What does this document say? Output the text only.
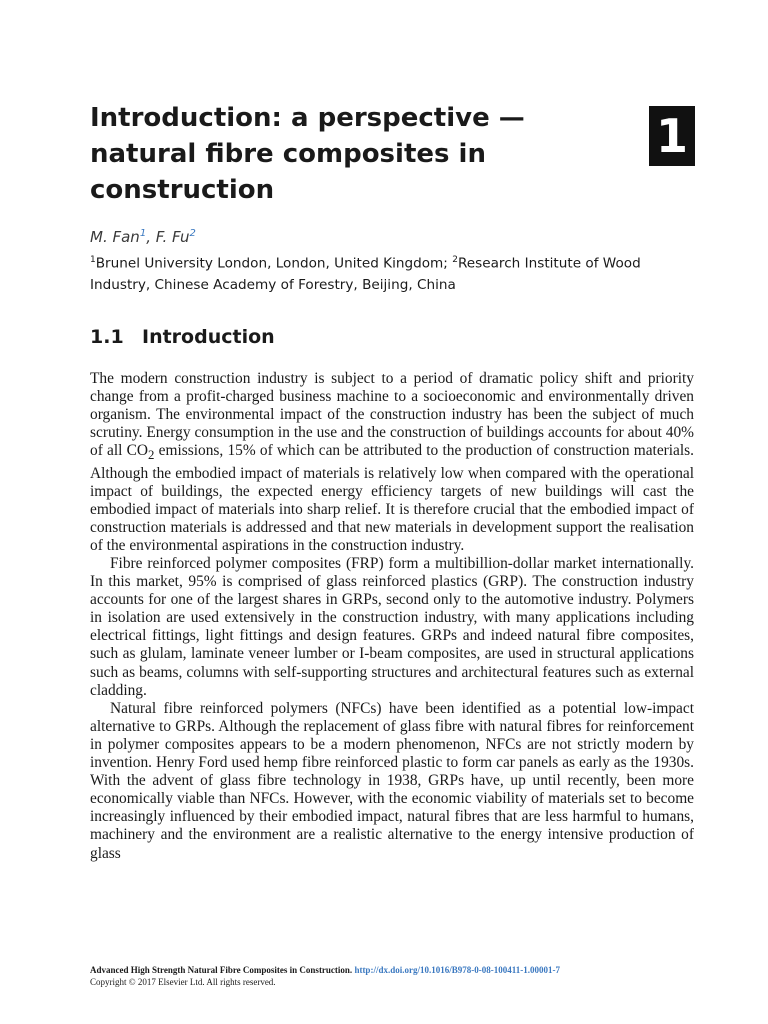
Introduction: a perspective — natural fibre composites in construction
1
M. Fan$^1$, F. Fu$^2$
$^1$Brunel University London, London, United Kingdom; $^2$Research Institute of Wood Industry, Chinese Academy of Forestry, Beijing, China
1.1 Introduction

The modern construction industry is subject to a period of dramatic policy shift and priority change from a profit-charged business machine to a socioeconomic and environmentally driven organism. The environmental impact of the construction industry has been the subject of much scrutiny. Energy consumption in the use and the construction of buildings accounts for about 40% of all $CO_2$ emissions, 15% of which can be attributed to the production of construction materials. Although the embodied impact of materials is relatively low when compared with the operational impact of buildings, the expected energy efficiency targets of new buildings will cast the embodied impact of materials into sharp relief. It is therefore crucial that the embodied impact of construction materials is addressed and that new materials in development support the realisation of the environmental aspirations in the construction industry.

Fibre reinforced polymer composites (FRP) form a multibillion-dollar market internationally. In this market, 95% is comprised of glass reinforced plastics (GRP). The construction industry accounts for one of the largest shares in GRPs, second only to the automotive industry. Polymers in isolation are used extensively in the construction industry, with many applications including electrical fittings, light fittings and design features. GRPs and indeed natural fibre composites, such as glulam, laminate veneer lumber or I-beam composites, are used in structural applications such as beams, columns with self-supporting structures and architectural features such as external cladding.

Natural fibre reinforced polymers (NFCs) have been identified as a potential low-impact alternative to GRPs. Although the replacement of glass fibre with natural fibres for reinforcement in polymer composites appears to be a modern phenomenon, NFCs are not strictly modern by invention. Henry Ford used hemp fibre reinforced plastic to form car panels as early as the 1930s. With the advent of glass fibre technology in 1938, GRPs have, up until recently, been more economically viable than NFCs. However, with the economic viability of materials set to become increasingly influenced by their embodied impact, natural fibres that are less harmful to humans, machinery and the environment are a realistic alternative to the energy intensive production of glass

Advanced High Strength Natural Fibre Composites in Construction. http://dx.doi.org/10.1016/B978-0-08-100411-1.00001-7
Copyright © 2017 Elsevier Ltd. All rights reserved.
